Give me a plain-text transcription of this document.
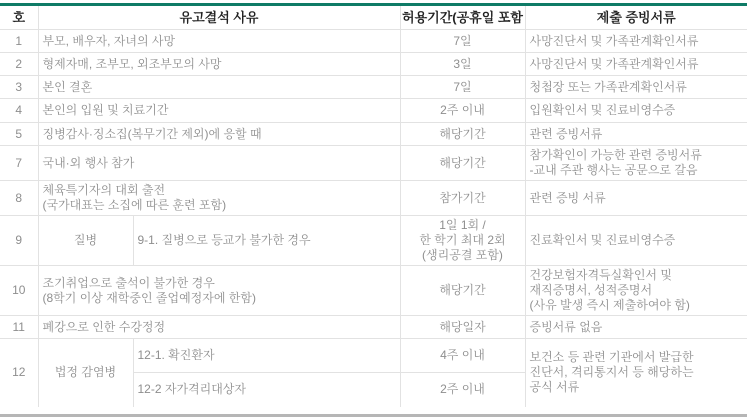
호	유고결석 사유		허용기간(공휴일 포함	제출 증빙서류
1	부모, 배우자, 자녀의 사망		7일	사망진단서 및 가족관계확인서류
2	형제자매, 조부모, 외조부모의 사망		3일	사망진단서 및 가족관계확인서류
3	본인 결혼		7일	청첩장 또는 가족관계확인서류
4	본인의 입원 및 치료기간		2주 이내	입원확인서 및 진료비영수증
5	징병감사·징소집(복무기간 제외)에 응할 때		해당기간	관련 증빙서류
7	국내·외 행사 참가		해당기간	참가확인이 가능한 관련 증빙서류
-교내 주관 행사는 공문으로 갈음

8	체육특기자의 대회 출전
(국가대표는 소집에 따른 훈련 포함)		참가기간	관련 증빙 서류
9	질병	9-1. 질병으로 등교가 불가한 경우	1일 1회 /
한 학기 최대 2회
(생리공결 포함)	진료확인서 및 진료비영수증
10	조기취업으로 출석이 불가한 경우
(8학기 이상 재학중인 졸업예정자에 한함)		해당기간	건강보험자격득실확인서 및
재직증명서, 성적증명서
(사유 발생 즉시 제출하여야 함)

11	폐강으로 인한 수강정정		해당일자	증빙서류 없음
12	법정 감염병	12-1. 확진환자	4주 이내	보건소 등 관련 기관에서 발급한
진단서, 격리통지서 등 해당하는
공식 서류

		12-2 자가격리대상자	2주 이내	
